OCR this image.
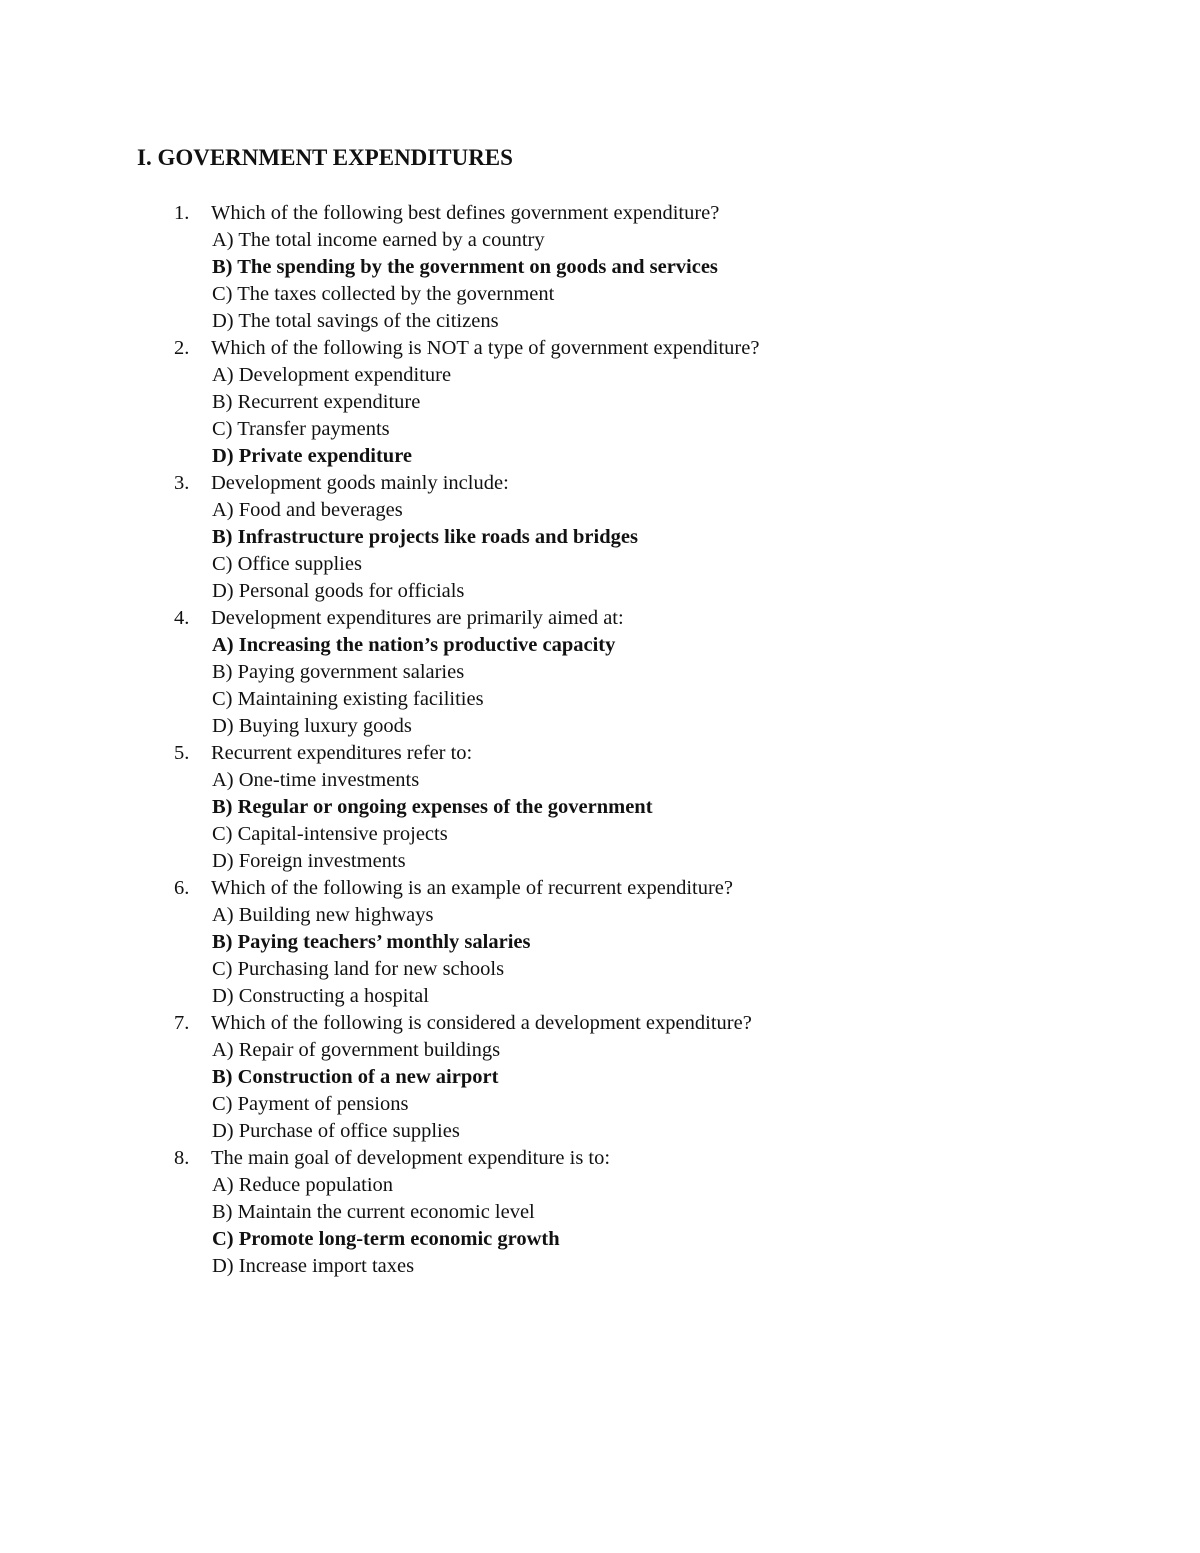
I. GOVERNMENT EXPENDITURES
1. Which of the following best defines government expenditure?
A) The total income earned by a country
B) The spending by the government on goods and services
C) The taxes collected by the government
D) The total savings of the citizens
2. Which of the following is NOT a type of government expenditure?
A) Development expenditure
B) Recurrent expenditure
C) Transfer payments
D) Private expenditure
3. Development goods mainly include:
A) Food and beverages
B) Infrastructure projects like roads and bridges
C) Office supplies
D) Personal goods for officials
4. Development expenditures are primarily aimed at:
A) Increasing the nation’s productive capacity
B) Paying government salaries
C) Maintaining existing facilities
D) Buying luxury goods
5. Recurrent expenditures refer to:
A) One-time investments
B) Regular or ongoing expenses of the government
C) Capital-intensive projects
D) Foreign investments
6. Which of the following is an example of recurrent expenditure?
A) Building new highways
B) Paying teachers’ monthly salaries
C) Purchasing land for new schools
D) Constructing a hospital
7. Which of the following is considered a development expenditure?
A) Repair of government buildings
B) Construction of a new airport
C) Payment of pensions
D) Purchase of office supplies
8. The main goal of development expenditure is to:
A) Reduce population
B) Maintain the current economic level
C) Promote long-term economic growth
D) Increase import taxes
